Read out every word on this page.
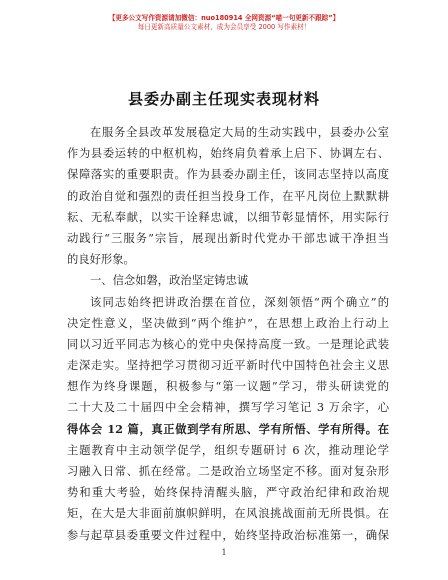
【更多公文写作资源请加微信：nuo180914 全网资源“喵一句更新不跟踪”】
每日更新高质量公文素材，成为会员享受 2000 写作素材！
县委办副主任现实表现材料
在服务全县改革发展稳定大局的生动实践中，县委办公室
作为县委运转的中枢机构，始终肩负着承上启下、协调左右、
保障落实的重要职责。作为县委办副主任，该同志坚持以高度
的政治自觉和强烈的责任担当投身工作，在平凡岗位上默默耕
耘、无私奉献，以实干诠释忠诚，以细节彰显情怀，用实际行
动践行“三服务”宗旨，展现出新时代党办干部忠诚干净担当
的良好形象。
一、信念如磐，政治坚定铸忠诚
该同志始终把讲政治摆在首位，深刻领悟“两个确立”的
决定性意义，坚决做到“两个维护”，在思想上政治上行动上
同以习近平同志为核心的党中央保持高度一致。一是理论武装
走深走实。坚持把学习贯彻习近平新时代中国特色社会主义思
想作为终身课题，积极参与“第一议题”学习，带头研读党的
二十大及二十届四中全会精神，撰写学习笔记 3 万余字，心
得体会 12 篇，真正做到学有所思、学有所悟、学有所得。在
主题教育中主动领学促学，组织专题研讨 6 次，推动理论学
习融入日常、抓在经常。二是政治立场坚定不移。面对复杂形
势和重大考验，始终保持清醒头脑，严守政治纪律和政治规
矩，在大是大非面前旗帜鲜明，在风浪挑战面前无所畏惧。在
参与起草县委重要文件过程中，始终坚持政治标准第一，确保
1
